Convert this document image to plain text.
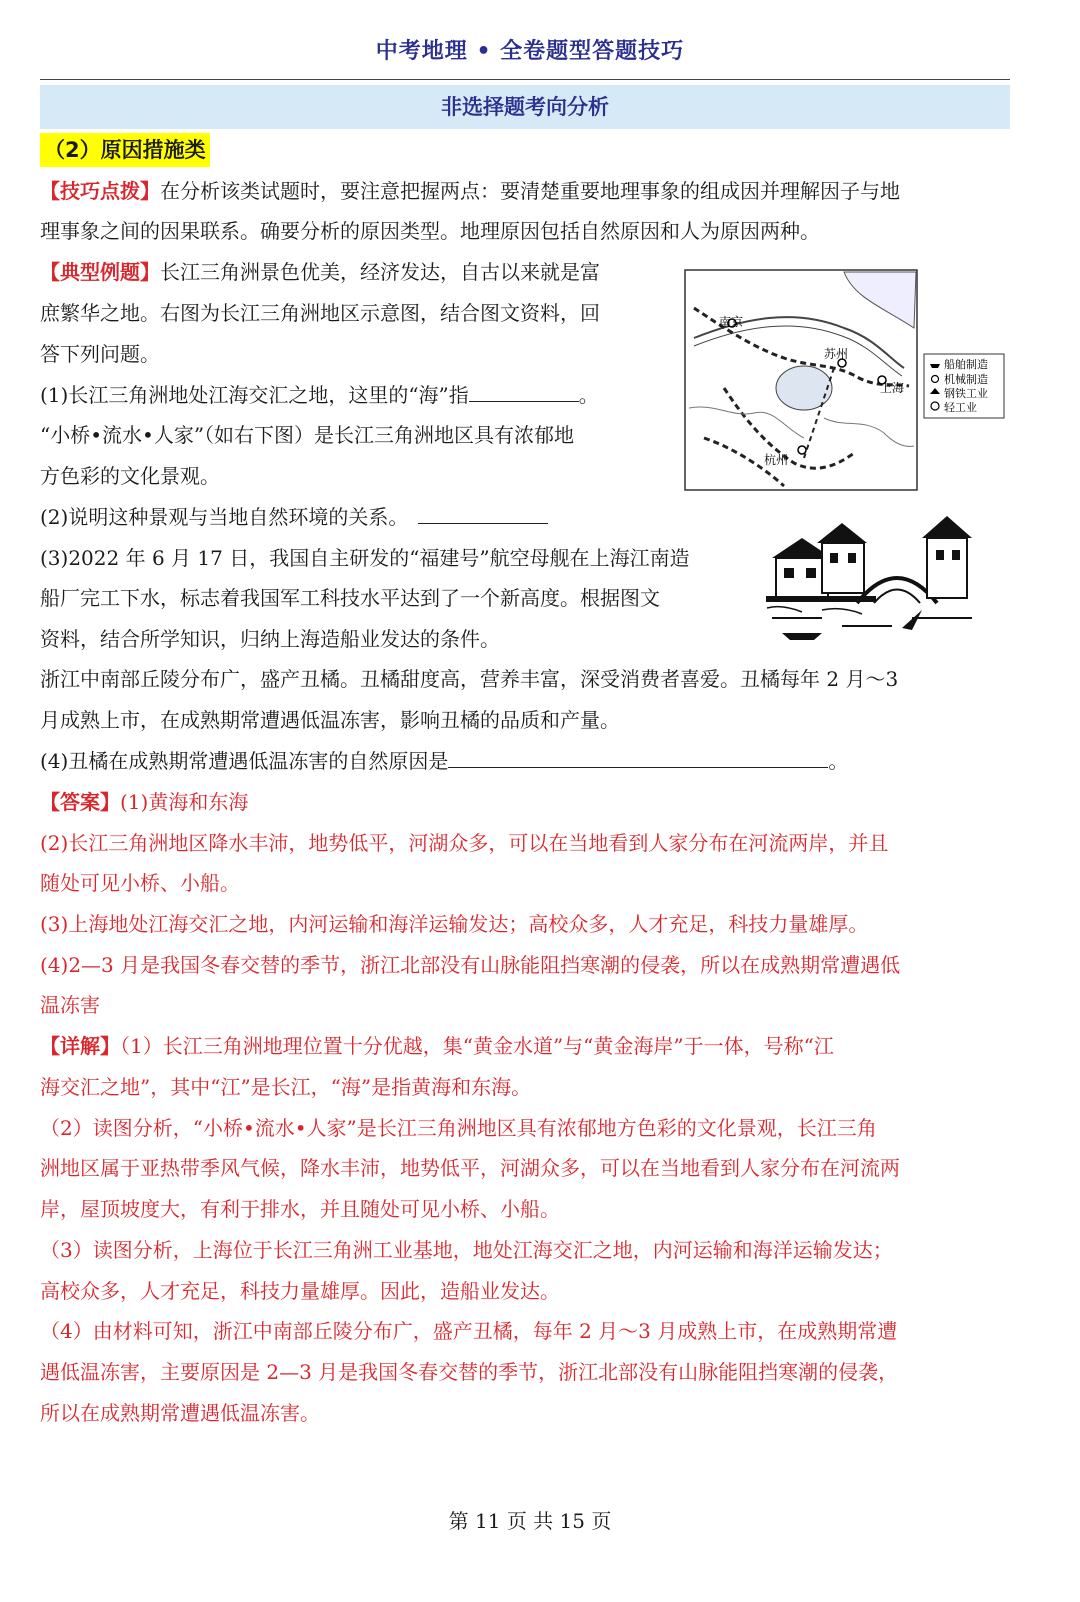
中考地理 • 全卷题型答题技巧
非选择题考向分析
（2）原因措施类
【技巧点拨】在分析该类试题时，要注意把握两点：要清楚重要地理事象的组成因并理解因子与地
理事象之间的因果联系。确要分析的原因类型。地理原因包括自然原因和人为原因两种。
【典型例题】长江三角洲景色优美，经济发达，自古以来就是富
庶繁华之地。右图为长江三角洲地区示意图，结合图文资料，回
答下列问题。
(1)长江三角洲地处江海交汇之地，这里的“海”指	。
“小桥•流水•人家”（如右下图）是长江三角洲地区具有浓郁地
方色彩的文化景观。
(2)说明这种景观与当地自然环境的关系。
(3)2022 年 6 月 17 日，我国自主研发的“福建号”航空母舰在上海江南造
船厂完工下水，标志着我国军工科技水平达到了一个新高度。根据图文
资料，结合所学知识，归纳上海造船业发达的条件。
浙江中南部丘陵分布广，盛产丑橘。丑橘甜度高，营养丰富，深受消费者喜爱。丑橘每年 2 月～3
月成熟上市，在成熟期常遭遇低温冻害，影响丑橘的品质和产量。
(4)丑橘在成熟期常遭遇低温冻害的自然原因是	。
南京
苏州
上海
杭州
船舶制造
机械制造
钢铁工业
轻工业
【答案】(1)黄海和东海
(2)长江三角洲地区降水丰沛，地势低平，河湖众多，可以在当地看到人家分布在河流两岸，并且
随处可见小桥、小船。
(3)上海地处江海交汇之地，内河运输和海洋运输发达；高校众多，人才充足，科技力量雄厚。
(4)2—3 月是我国冬春交替的季节，浙江北部没有山脉能阻挡寒潮的侵袭，所以在成熟期常遭遇低
温冻害
【详解】（1）长江三角洲地理位置十分优越，集“黄金水道”与“黄金海岸”于一体，号称“江
海交汇之地”，其中“江”是长江，“海”是指黄海和东海。
（2）读图分析，“小桥•流水•人家”是长江三角洲地区具有浓郁地方色彩的文化景观，长江三角
洲地区属于亚热带季风气候，降水丰沛，地势低平，河湖众多，可以在当地看到人家分布在河流两
岸，屋顶坡度大，有利于排水，并且随处可见小桥、小船。
（3）读图分析，上海位于长江三角洲工业基地，地处江海交汇之地，内河运输和海洋运输发达；
高校众多，人才充足，科技力量雄厚。因此，造船业发达。
（4）由材料可知，浙江中南部丘陵分布广，盛产丑橘，每年 2 月～3 月成熟上市，在成熟期常遭
遇低温冻害，主要原因是 2—3 月是我国冬春交替的季节，浙江北部没有山脉能阻挡寒潮的侵袭，
所以在成熟期常遭遇低温冻害。
第 11 页 共 15 页
